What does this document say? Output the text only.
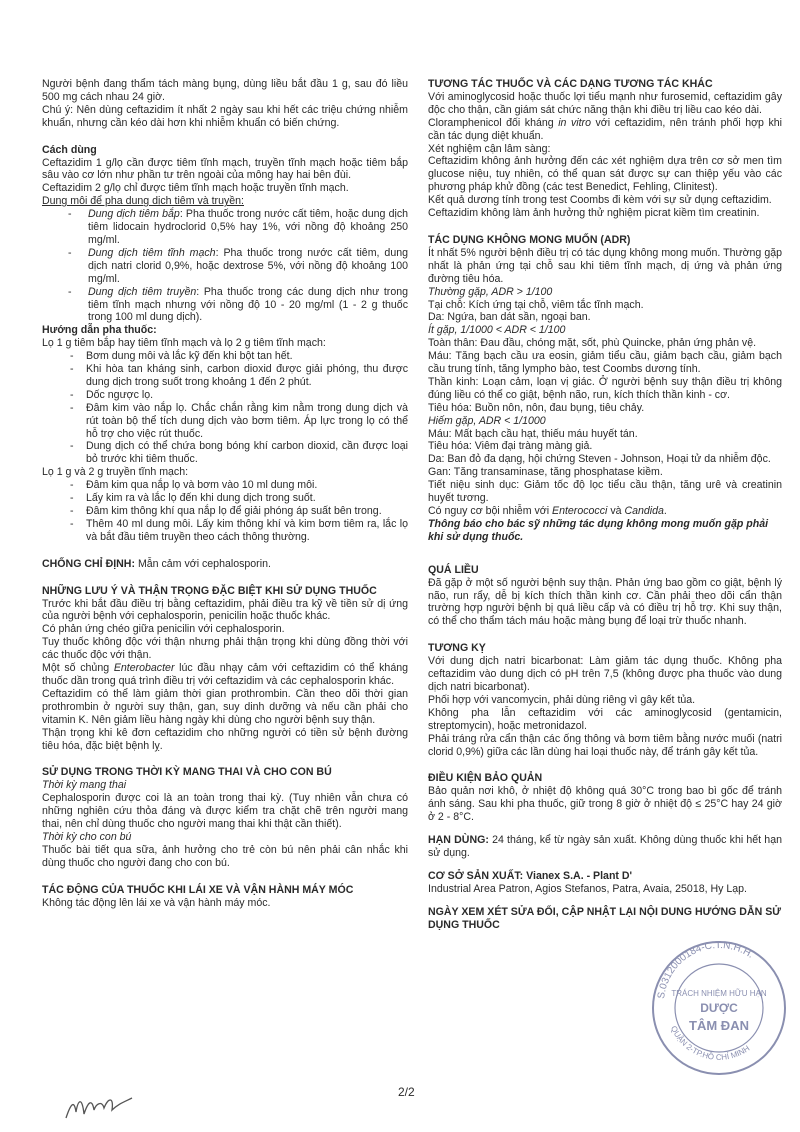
Người bệnh đang thẩm tách màng bụng, dùng liều bắt đầu 1 g, sau đó liều 500 mg cách nhau 24 giờ.

Chú ý: Nên dùng ceftazidim ít nhất 2 ngày sau khi hết các triệu chứng nhiễm khuẩn, nhưng cần kéo dài hơn khi nhiễm khuẩn có biến chứng.

Cách dùng

Ceftazidim 1 g/lọ cần được tiêm tĩnh mạch, truyền tĩnh mạch hoặc tiêm bắp sâu vào cơ lớn như phần tư trên ngoài của mông hay hai bên đùi.

Ceftazidim 2 g/lọ chỉ được tiêm tĩnh mạch hoặc truyền tĩnh mạch.

Dung môi để pha dung dịch tiêm và truyền:

- Dung dịch tiêm bắp: Pha thuốc trong nước cất tiêm, hoặc dung dịch tiêm lidocain hydroclorid 0,5% hay 1%, với nồng độ khoảng 250 mg/ml.
- Dung dịch tiêm tĩnh mạch: Pha thuốc trong nước cất tiêm, dung dịch natri clorid 0,9%, hoặc dextrose 5%, với nồng độ khoảng 100 mg/ml.
- Dung dịch tiêm truyền: Pha thuốc trong các dung dịch như trong tiêm tĩnh mạch nhưng với nồng độ 10 - 20 mg/ml (1 - 2 g thuốc trong 100 ml dung dịch).

Hướng dẫn pha thuốc:

Lọ 1 g tiêm bắp hay tiêm tĩnh mạch và lọ 2 g tiêm tĩnh mạch:

- Bơm dung môi và lắc kỹ đến khi bột tan hết.
- Khi hòa tan kháng sinh, carbon dioxid được giải phóng, thu được dung dịch trong suốt trong khoảng 1 đến 2 phút.
- Dốc ngược lọ.
- Đâm kim vào nắp lọ. Chắc chắn rằng kim nằm trong dung dịch và rút toàn bộ thể tích dung dịch vào bơm tiêm. Áp lực trong lọ có thể hỗ trợ cho việc rút thuốc.
- Dung dịch có thể chứa bong bóng khí carbon dioxid, cần được loại bỏ trước khi tiêm thuốc.

Lọ 1 g và 2 g truyền tĩnh mạch:

- Đâm kim qua nắp lọ và bơm vào 10 ml dung môi.
- Lấy kim ra và lắc lọ đến khi dung dịch trong suốt.
- Đâm kim thông khí qua nắp lọ để giải phóng áp suất bên trong.
- Thêm 40 ml dung môi. Lấy kim thông khí và kim bơm tiêm ra, lắc lọ và bắt đầu tiêm truyền theo cách thông thường.

CHỐNG CHỈ ĐỊNH: Mẫn cảm với cephalosporin.

NHỮNG LƯU Ý VÀ THẬN TRỌNG ĐẶC BIỆT KHI SỬ DỤNG THUỐC

Trước khi bắt đầu điều trị bằng ceftazidim, phải điều tra kỹ về tiền sử dị ứng của người bệnh với cephalosporin, penicilin hoặc thuốc khác.

Có phản ứng chéo giữa penicilin với cephalosporin.

Tuy thuốc không độc với thận nhưng phải thận trọng khi dùng đồng thời với các thuốc độc với thận.

Một số chủng Enterobacter lúc đầu nhạy cảm với ceftazidim có thể kháng thuốc dần trong quá trình điều trị với ceftazidim và các cephalosporin khác.

Ceftazidim có thể làm giảm thời gian prothrombin. Cần theo dõi thời gian prothrombin ở người suy thận, gan, suy dinh dưỡng và nếu cần phải cho vitamin K. Nên giảm liều hàng ngày khi dùng cho người bệnh suy thận.

Thận trọng khi kê đơn ceftazidim cho những người có tiền sử bệnh đường tiêu hóa, đặc biệt bệnh lỵ.

SỬ DỤNG TRONG THỜI KỲ MANG THAI VÀ CHO CON BÚ

Thời kỳ mang thai

Cephalosporin được coi là an toàn trong thai kỳ. (Tuy nhiên vẫn chưa có những nghiên cứu thỏa đáng và được kiểm tra chặt chẽ trên người mang thai, nên chỉ dùng thuốc cho người mang thai khi thật cần thiết).

Thời kỳ cho con bú

Thuốc bài tiết qua sữa, ảnh hưởng cho trẻ còn bú nên phải cân nhắc khi dùng thuốc cho người đang cho con bú.

TÁC ĐỘNG CỦA THUỐC KHI LÁI XE VÀ VẬN HÀNH MÁY MÓC

Không tác động lên lái xe và vận hành máy móc.

TƯƠNG TÁC THUỐC VÀ CÁC DẠNG TƯƠNG TÁC KHÁC

Với aminoglycosid hoặc thuốc lợi tiểu mạnh như furosemid, ceftazidim gây độc cho thận, cần giám sát chức năng thận khi điều trị liều cao kéo dài.

Cloramphenicol đối kháng in vitro với ceftazidim, nên tránh phối hợp khi cần tác dụng diệt khuẩn.

Xét nghiệm cận lâm sàng:

Ceftazidim không ảnh hưởng đến các xét nghiệm dựa trên cơ sở men tìm glucose niệu, tuy nhiên, có thể quan sát được sự can thiệp yếu vào các phương pháp khử đồng (các test Benedict, Fehling, Clinitest).

Kết quả dương tính trong test Coombs đi kèm với sự sử dụng ceftazidim.

Ceftazidim không làm ảnh hưởng thử nghiệm picrat kiềm tìm creatinin.

TÁC DỤNG KHÔNG MONG MUỐN (ADR)

Ít nhất 5% người bệnh điều trị có tác dụng không mong muốn. Thường gặp nhất là phản ứng tại chỗ sau khi tiêm tĩnh mạch, dị ứng và phản ứng đường tiêu hóa.

Thường gặp, ADR > 1/100

Tại chỗ: Kích ứng tại chỗ, viêm tắc tĩnh mạch.

Da: Ngứa, ban dát sần, ngoại ban.

Ít gặp, 1/1000 < ADR < 1/100

Toàn thân: Đau đầu, chóng mặt, sốt, phù Quincke, phản ứng phản vệ.

Máu: Tăng bạch cầu ưa eosin, giảm tiểu cầu, giảm bạch cầu, giảm bạch cầu trung tính, tăng lympho bào, test Coombs dương tính.

Thần kinh: Loạn cảm, loạn vị giác. Ở người bệnh suy thận điều trị không đúng liều có thể co giật, bệnh não, run, kích thích thần kinh - cơ.

Tiêu hóa: Buồn nôn, nôn, đau bụng, tiêu chảy.

Hiếm gặp, ADR < 1/1000

Máu: Mất bạch cầu hạt, thiếu máu huyết tán.

Tiêu hóa: Viêm đại tràng màng giả.

Da: Ban đỏ đa dạng, hội chứng Steven - Johnson, Hoại tử da nhiễm độc.

Gan: Tăng transaminase, tăng phosphatase kiềm.

Tiết niệu sinh dục: Giảm tốc độ lọc tiểu cầu thận, tăng urê và creatinin huyết tương.

Có nguy cơ bội nhiễm với Enterococci và Candida.

Thông báo cho bác sỹ những tác dụng không mong muốn gặp phải khi sử dụng thuốc.

QUÁ LIỀU

Đã gặp ở một số người bệnh suy thận. Phản ứng bao gồm co giật, bệnh lý não, run rẩy, dễ bị kích thích thần kinh cơ. Cần phải theo dõi cẩn thận trường hợp người bệnh bị quá liều cấp và có điều trị hỗ trợ. Khi suy thận, có thể cho thẩm tách máu hoặc màng bụng để loại trừ thuốc nhanh.

TƯƠNG KỴ

Với dung dịch natri bicarbonat: Làm giảm tác dụng thuốc. Không pha ceftazidim vào dung dịch có pH trên 7,5 (không được pha thuốc vào dung dịch natri bicarbonat).

Phối hợp với vancomycin, phải dùng riêng vì gây kết tủa.

Không pha lẫn ceftazidim với các aminoglycosid (gentamicin, streptomycin), hoặc metronidazol.

Phải tráng rửa cẩn thận các ống thông và bơm tiêm bằng nước muối (natri clorid 0,9%) giữa các lần dùng hai loại thuốc này, để tránh gây kết tủa.

ĐIỀU KIỆN BẢO QUẢN

Bảo quản nơi khô, ở nhiệt độ không quá 30°C trong bao bì gốc để tránh ánh sáng. Sau khi pha thuốc, giữ trong 8 giờ ở nhiệt độ ≤ 25°C hay 24 giờ ở 2 - 8°C.

HẠN DÙNG: 24 tháng, kể từ ngày sản xuất. Không dùng thuốc khi hết hạn sử dụng.

CƠ SỞ SẢN XUẤT: Vianex S.A. - Plant D'

Industrial Area Patron, Agios Stefanos, Patra, Avaia, 25018, Hy Lạp.

NGÀY XEM XÉT SỬA ĐỔI, CẬP NHẬT LẠI NỘI DUNG HƯỚNG DẪN SỬ DỤNG THUỐC

2/2
S.0312000184-C.T.N.H.H.
TRÁCH NHIỆM HỮU HẠN
DƯỢC
TÂM ĐAN
QUẬN 2-TP.HỒ CHÍ MINH
